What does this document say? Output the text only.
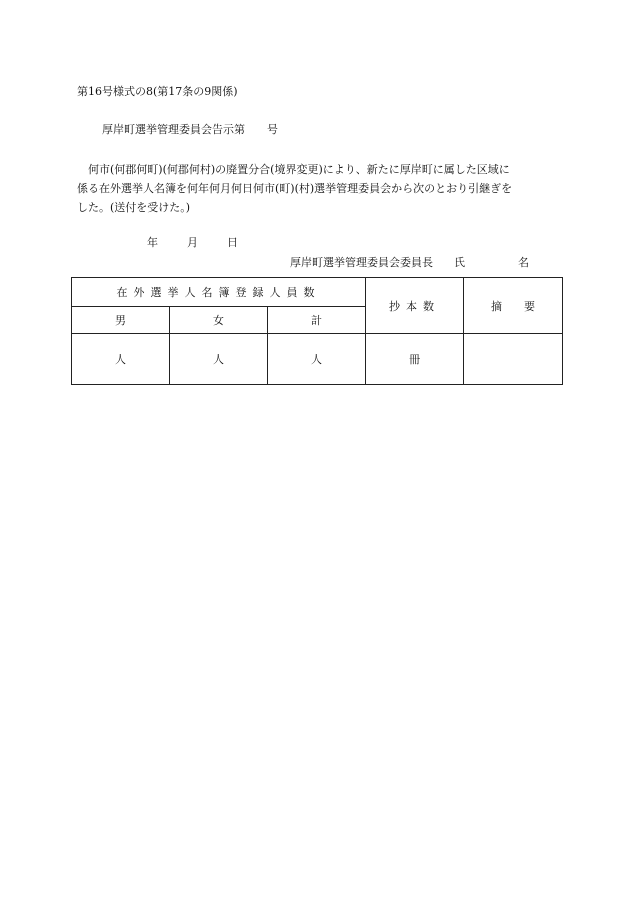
第16号様式の8(第17条の9関係)
厚岸町選挙管理委員会告示第　　号

何市(何郡何町)(何郡何村)の廃置分合(境界変更)により、新たに厚岸町に属した区域に

係る在外選挙人名簿を何年何月何日何市(町)(村)選挙管理委員会から次のとおり引継ぎを

した。(送付を受けた。)

年	月	日
厚岸町選挙管理委員会委員長 氏	名
在外選挙人名簿登録人員数			抄本数	摘　　要
男	女	計		
人	人	人	冊	
